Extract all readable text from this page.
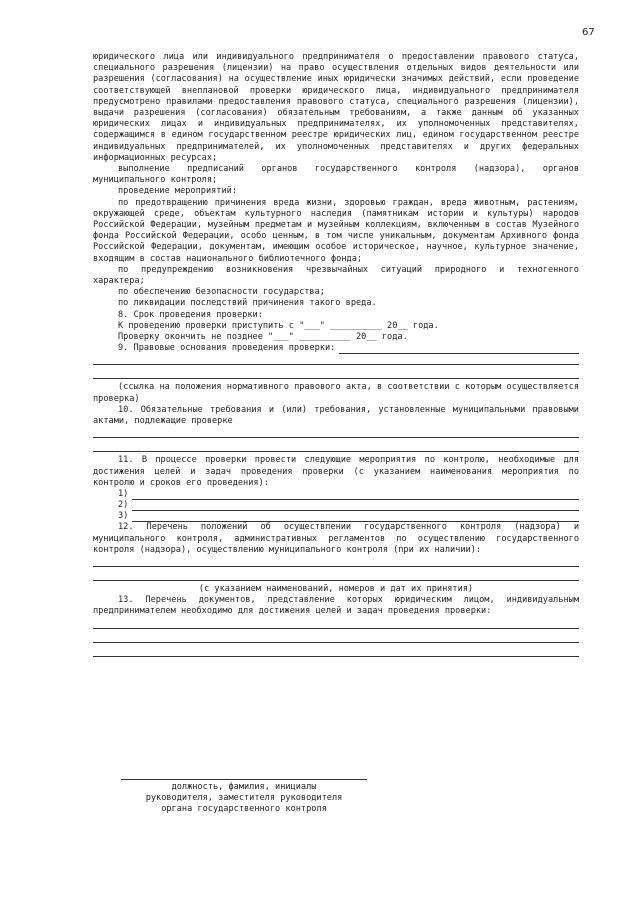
67

юридического лица или индивидуального предпринимателя о предоставлении правового статуса, специального разрешения (лицензии) на право осуществления отдельных видов деятельности или разрешения (согласования) на осуществление иных юридически значимых действий, если проведение соответствующей внеплановой проверки юридического лица, индивидуального предпринимателя предусмотрено правилами предоставления правового статуса, специального разрешения (лицензии), выдачи разрешения (согласования) обязательным требованиям, а также данным об указанных юридических лицах и индивидуальных предпринимателях, их уполномоченных представителях, содержащимся в едином государственном реестре юридических лиц, едином государственном реестре индивидуальных предпринимателей, их уполномоченных представителях и других федеральных информационных ресурсах;

выполнение предписаний органов государственного контроля (надзора), органов муниципального контроля;

проведение мероприятий:

по предотвращению причинения вреда жизни, здоровью граждан, вреда животным, растениям, окружающей среде, объектам культурного наследия (памятникам истории и культуры) народов Российской Федерации, музейным предметам и музейным коллекциям, включенным в состав Музейного фонда Российской Федерации, особо ценным, в том числе уникальным, документам Архивного фонда Российской Федерации, документам, имеющим особое историческое, научное, культурное значение, входящим в состав национального библиотечного фонда;

по предупреждению возникновения чрезвычайных ситуаций природного и техногенного характера;

по обеспечению безопасности государства;

по ликвидации последствий причинения такого вреда.

8. Срок проведения проверки:

К проведению проверки приступить с "___" __________ 20__ года.

Проверку окончить не позднее "___" __________ 20__ года.

9. Правовые основания проведения проверки:

(ссылка на положения нормативного правового акта, в соответствии с которым осуществляется проверка)

10. Обязательные требования и (или) требования, установленные муниципальными правовыми актами, подлежащие проверке

11. В процессе проверки провести следующие мероприятия по контролю, необходимые для достижения целей и задач проведения проверки (с указанием наименования мероприятия по контролю и сроков его проведения):

1)
2)
3)

12. Перечень положений об осуществлении государственного контроля (надзора) и муниципального контроля, административных регламентов по осуществлению государственного контроля (надзора), осуществлению муниципального контроля (при их наличии):

(с указанием наименований, номеров и дат их принятия)

13. Перечень документов, представление которых юридическим лицом, индивидуальным предпринимателем необходимо для достижения целей и задач проведения проверки:

должность, фамилия, инициалы
руководителя, заместителя руководителя
органа государственного контроля
